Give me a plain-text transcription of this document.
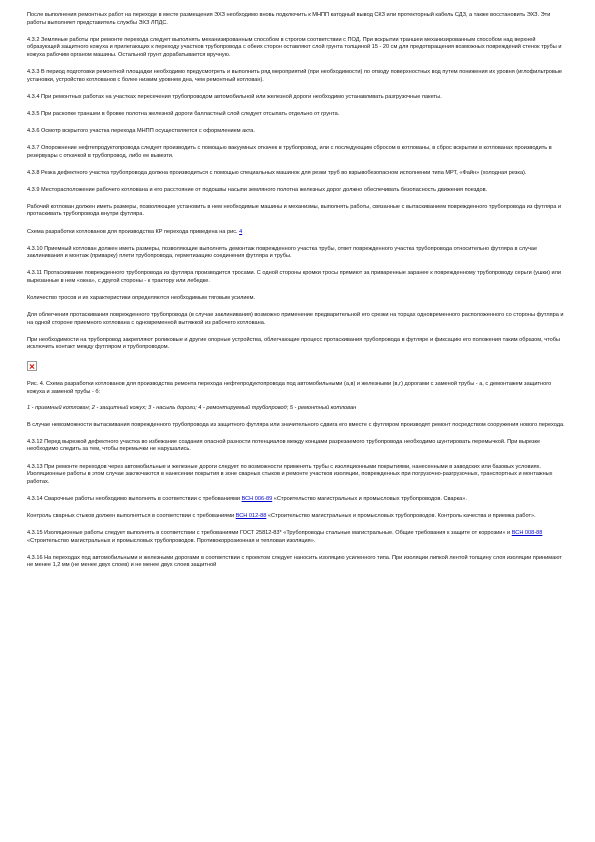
После выполнения ремонтных работ на переходе в месте размещения ЭХЗ необходимо вновь подключить к МНПП катодный вывод СКЗ или протекторный кабель СДЗ, а также восстановить ЭХЗ. Эти работы выполняет представитель службы ЭХЗ ЛПДС.

4.3.2 Земляные работы при ремонте перехода следует выполнять механизированным способом в строгом соответствии с ПОД. При вскрытии траншеи механизированным способом над верхней образующей защитного кожуха и прилегающих к переходу участков трубопровода с обеих сторон оставляют слой грунта толщиной 15 - 20 см для предотвращения возможных повреждений стенок трубы и кожуха рабочим органом машины. Остальной грунт дорабатывается вручную.

4.3.3 В период подготовки ремонтной площадки необходимо предусмотреть и выполнить ряд мероприятий (при необходимости) по отводу поверхностных вод путем понижения их уровня (иглофильтровые установки, устройство котлованов с более низким уровнем дна, чем ремонтный котлован).

4.3.4 При ремонтных работах на участках пересечения трубопроводом автомобильной или железной дороги необходимо устанавливать разгрузочные пакеты.

4.3.5 При раскопке траншеи в бровке полотна железной дороги балластный слой следует отсыпать отдельно от грунта.

4.3.6 Осмотр вскрытого участка перехода МНПП осуществляется с оформлением акта.

4.3.7 Опорожнение нефтепродуктопровода следует производить с помощью вакуумных откачек в трубопровод, или с последующим сбросом в котлованы, в сброс вскрытии в котлованах производить в резервуары с откачкой в трубопровод, либо ее вывезти.

4.3.8 Резка дефектного участка трубопровода должна производиться с помощью специальных машинок для резки труб во взрывобезопасном исполнении типа МРТ, «Файн» (холодная резка).

4.3.9 Месторасположение рабочего котлована и его расстояние от подошвы насыпи земляного полотна железных дорог должно обеспечивать безопасность движения поездов.

Рабочий котлован должен иметь размеры, позволяющие установить в нем необходимые машины и механизмы, выполнять работы, связанные с вытаскиванием поврежденного трубопровода из футляра и протаскивать трубопровода внутри футляра.

Схема разработки котлованов для производства КР перехода приведена на рис. 4

4.3.10 Приемный котлован должен иметь размеры, позволяющие выполнять демонтаж поврежденного участка трубы, ответ поврежденного участка трубопровода относительно футляра в случае заклинивания и монтаж (приварку) плети трубопровода, герметизацию соединения футляра и трубы.

4.3.11 Протаскивание поврежденного трубопровода из футляра производится тросами. С одной стороны кромки тросы прямиют за приваренные заранее к поврежденному трубопроводу серьги (ушки) или вырезанные в нем «окна», с другой стороны - к трактору или лебедке.

Количество тросов и их характеристики определяются необходимым тяговым усилием.

Для облегчения протаскивания поврежденного трубопровода (в случае заклинивания) возможно применение предварительной его срезки на торцах одновременного расположенного со стороны футляра и на одной стороне приемного котлована с одновременной вытяжкой из рабочего котлована.

При необходимости на трубопровод закрепляют роликовые и другие опорные устройства, облегчающие процесс протаскивания трубопровода в футляре и фиксацию его положения таким образом, чтобы исключить контакт между футляром и трубопроводом.

Рис. 4. Схема разработки котлованов для производства ремонта перехода нефтепродуктопровода под автомобильными (а,в) и железными (в,г) дорогами с заменой трубы - а, с демонтажем защитного кожуха и заменой трубы - б:

1 - приемный котлован; 2 - защитный кожух; 3 - насыпь дороги; 4 - ремонтируемый трубопровод; 5 - ремонтный котлован

В случае невозможности вытаскивания поврежденного трубопровода из защитного футляра или значительного сдвига его вместе с футляром производят ремонт посредством сооружения нового перехода.

4.3.12 Перед вырезкой дефектного участка во избежание создания опасной разности потенциалов между концами разрезаемого трубопровода необходимо шунтировать перемычкой. При вырезке необходимо следить за тем, чтобы перемычки не нарушались.

4.3.13 При ремонте переходов через автомобильные и железные дороги следует по возможности применять трубы с изоляционными покрытиями, нанесенными в заводских или базовых условиях. Изоляционные работы в этом случае заключаются в нанесении покрытия в зоне сварных стыков и ремонте участков изоляции, поврежденных при погрузочно-разгрузочных, транспортных и монтажных работах.

4.3.14 Сварочные работы необходимо выполнять в соответствии с требованиями ВСН 006-89 «Строительство магистральных и промысловых трубопроводов. Сварка».

Контроль сварных стыков должен выполняться в соответствии с требованиями ВСН 012-88 «Строительство магистральных и промысловых трубопроводов. Контроль качества и приемка работ».

4.3.15 Изоляционные работы следует выполнять в соответствии с требованиями ГОСТ 25812-83* «Трубопроводы стальные магистральные. Общие требования к защите от коррозии» и ВСН 008-88 «Строительство магистральных и промысловых трубопроводов. Противокоррозионная и тепловая изоляция».

4.3.16 На переходах под автомобильными и железными дорогами в соответствии с проектом следует наносить изоляцию усиленного типа. При изоляции липкой лентой толщину слоя изоляции принимают не менее 1,2 мм (не менее двух слоев) и не менее двух слоев защитной
